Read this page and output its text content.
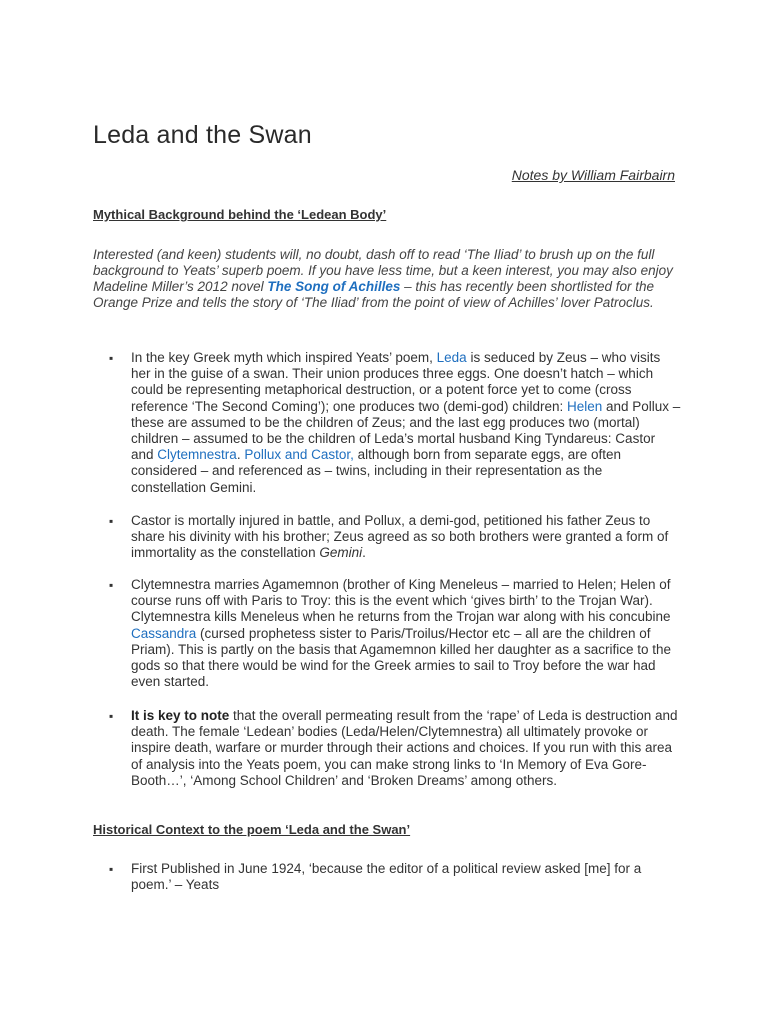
Leda and the Swan
Notes by William Fairbairn
Mythical Background behind the ‘Ledean Body’
Interested (and keen) students will, no doubt, dash off to read ‘The Iliad’ to brush up on the full background to Yeats’ superb poem. If you have less time, but a keen interest, you may also enjoy Madeline Miller’s 2012 novel The Song of Achilles – this has recently been shortlisted for the Orange Prize and tells the story of ‘The Iliad’ from the point of view of Achilles’ lover Patroclus.
▪ In the key Greek myth which inspired Yeats’ poem, Leda is seduced by Zeus – who visits her in the guise of a swan. Their union produces three eggs. One doesn’t hatch – which could be representing metaphorical destruction, or a potent force yet to come (cross reference ‘The Second Coming’); one produces two (demi-god) children: Helen and Pollux – these are assumed to be the children of Zeus; and the last egg produces two (mortal) children – assumed to be the children of Leda’s mortal husband King Tyndareus: Castor and Clytemnestra. Pollux and Castor, although born from separate eggs, are often considered – and referenced as – twins, including in their representation as the constellation Gemini.
▪ Castor is mortally injured in battle, and Pollux, a demi-god, petitioned his father Zeus to share his divinity with his brother; Zeus agreed as so both brothers were granted a form of immortality as the constellation Gemini.
▪ Clytemnestra marries Agamemnon (brother of King Meneleus – married to Helen; Helen of course runs off with Paris to Troy: this is the event which ‘gives birth’ to the Trojan War). Clytemnestra kills Meneleus when he returns from the Trojan war along with his concubine Cassandra (cursed prophetess sister to Paris/Troilus/Hector etc – all are the children of Priam). This is partly on the basis that Agamemnon killed her daughter as a sacrifice to the gods so that there would be wind for the Greek armies to sail to Troy before the war had even started.
▪ It is key to note that the overall permeating result from the ‘rape’ of Leda is destruction and death. The female ‘Ledean’ bodies (Leda/Helen/Clytemnestra) all ultimately provoke or inspire death, warfare or murder through their actions and choices. If you run with this area of analysis into the Yeats poem, you can make strong links to ‘In Memory of Eva Gore-Booth…’, ‘Among School Children’ and ‘Broken Dreams’ among others.
▪ First Published in June 1924, ‘because the editor of a political review asked [me] for a poem.’ – Yeats
Historical Context to the poem ‘Leda and the Swan’
